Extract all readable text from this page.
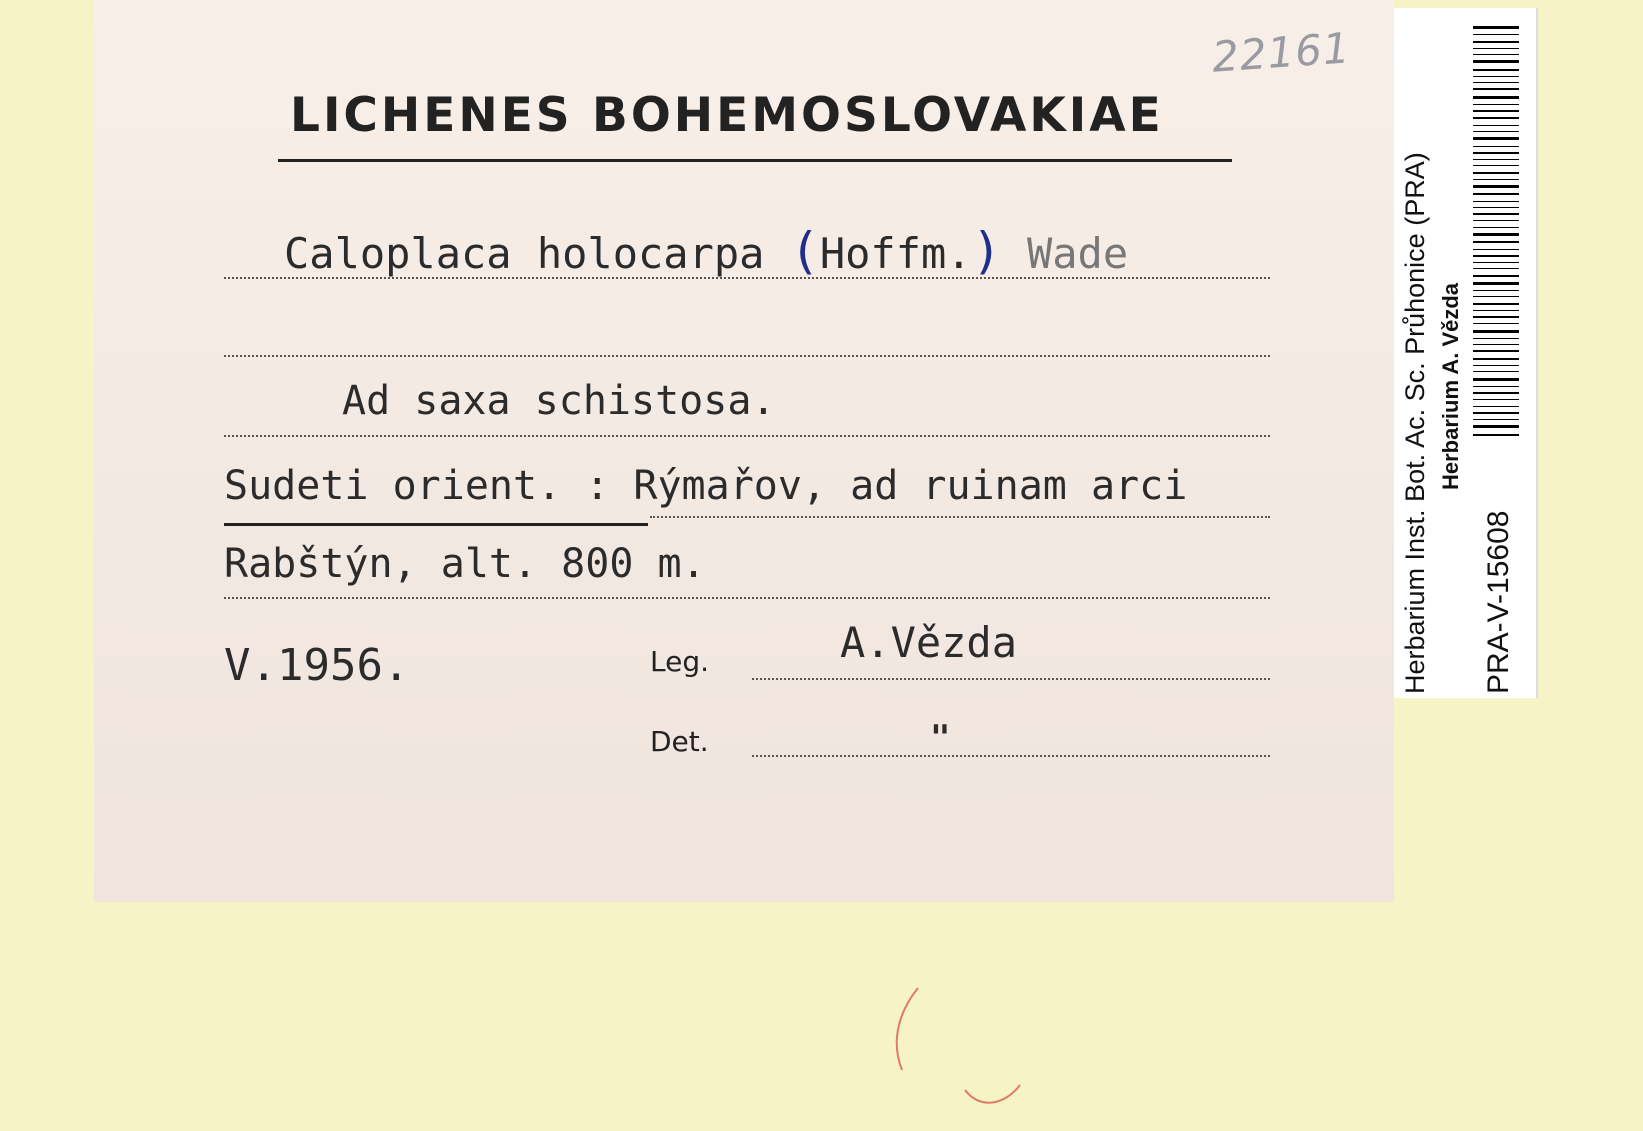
22161
LICHENES BOHEMOSLOVAKIAE
Caloplaca holocarpa (Hoffm.) Wade
Ad saxa schistosa.
Sudeti orient. : Rýmařov, ad ruinam arci
Rabštýn, alt. 800 m.
V.1956.	Leg.	A.Vězda
Det.	"
Herbarium Inst. Bot. Ac. Sc. Průhonice (PRA) Herbarium A. Vězda
PRA-V-15608
